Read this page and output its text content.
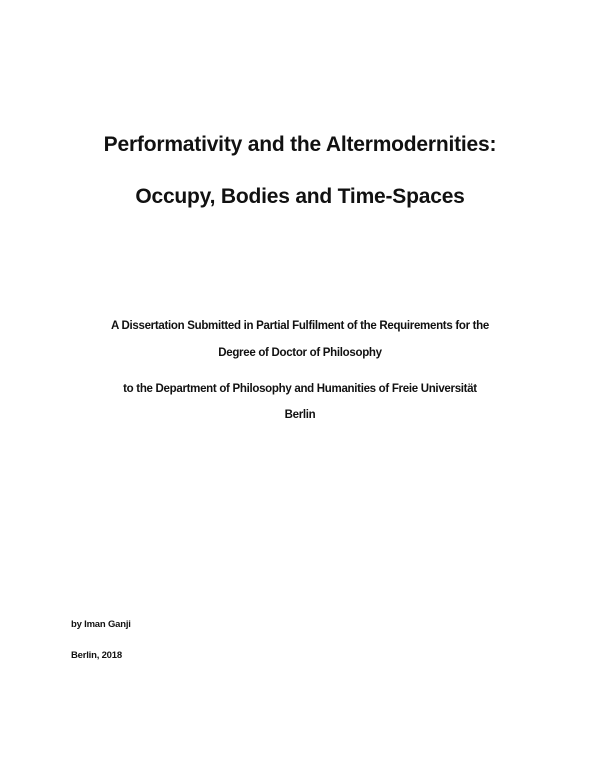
Performativity and the Altermodernities:
Occupy, Bodies and Time-Spaces
A Dissertation Submitted in Partial Fulfilment of the Requirements for the
Degree of Doctor of Philosophy
to the Department of Philosophy and Humanities of Freie Universität
Berlin
by Iman Ganji
Berlin, 2018
